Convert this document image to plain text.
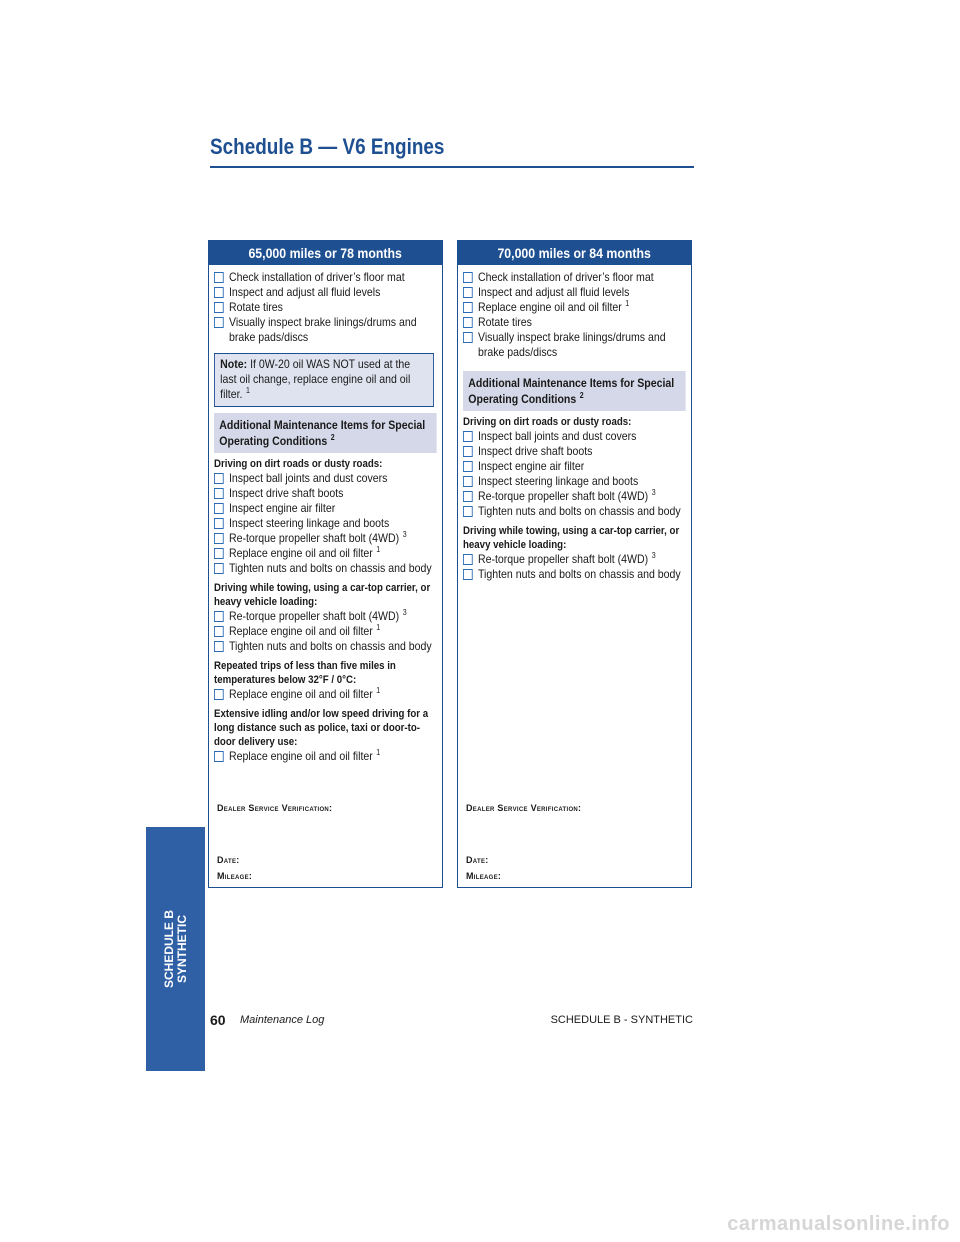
Schedule B — V6 Engines
65,000 miles or 78 months
Check installation of driver’s floor mat
Inspect and adjust all fluid levels
Rotate tires
Visually inspect brake linings/drums and brake pads/discs
Note: If 0W-20 oil WAS NOT used at the last oil change, replace engine oil and oil filter. $^1$
Additional Maintenance Items for Special Operating Conditions $^2$
Driving on dirt roads or dusty roads:
Inspect ball joints and dust covers
Inspect drive shaft boots
Inspect engine air filter
Inspect steering linkage and boots
Re-torque propeller shaft bolt (4WD) $^3$
Replace engine oil and oil filter $^1$
Tighten nuts and bolts on chassis and body
Driving while towing, using a car-top carrier, or heavy vehicle loading:
Re-torque propeller shaft bolt (4WD) $^3$
Replace engine oil and oil filter $^1$
Tighten nuts and bolts on chassis and body
Repeated trips of less than five miles in temperatures below 32°F / 0°C:
Replace engine oil and oil filter $^1$
Extensive idling and/or low speed driving for a long distance such as police, taxi or door-to-door delivery use:
Replace engine oil and oil filter $^1$
Dealer Service Verification:
Date:
Mileage:
70,000 miles or 84 months
Check installation of driver’s floor mat
Inspect and adjust all fluid levels
Replace engine oil and oil filter $^1$
Rotate tires
Visually inspect brake linings/drums and brake pads/discs
Additional Maintenance Items for Special Operating Conditions $^2$
Driving on dirt roads or dusty roads:
Inspect ball joints and dust covers
Inspect drive shaft boots
Inspect engine air filter
Inspect steering linkage and boots
Re-torque propeller shaft bolt (4WD) $^3$
Tighten nuts and bolts on chassis and body
Driving while towing, using a car-top carrier, or heavy vehicle loading:
Re-torque propeller shaft bolt (4WD) $^3$
Tighten nuts and bolts on chassis and body
Dealer Service Verification:
Date:
Mileage:
SCHEDULE B
SYNTHETIC
60 Maintenance Log	SCHEDULE B - SYNTHETIC
carmanualsonline.info
